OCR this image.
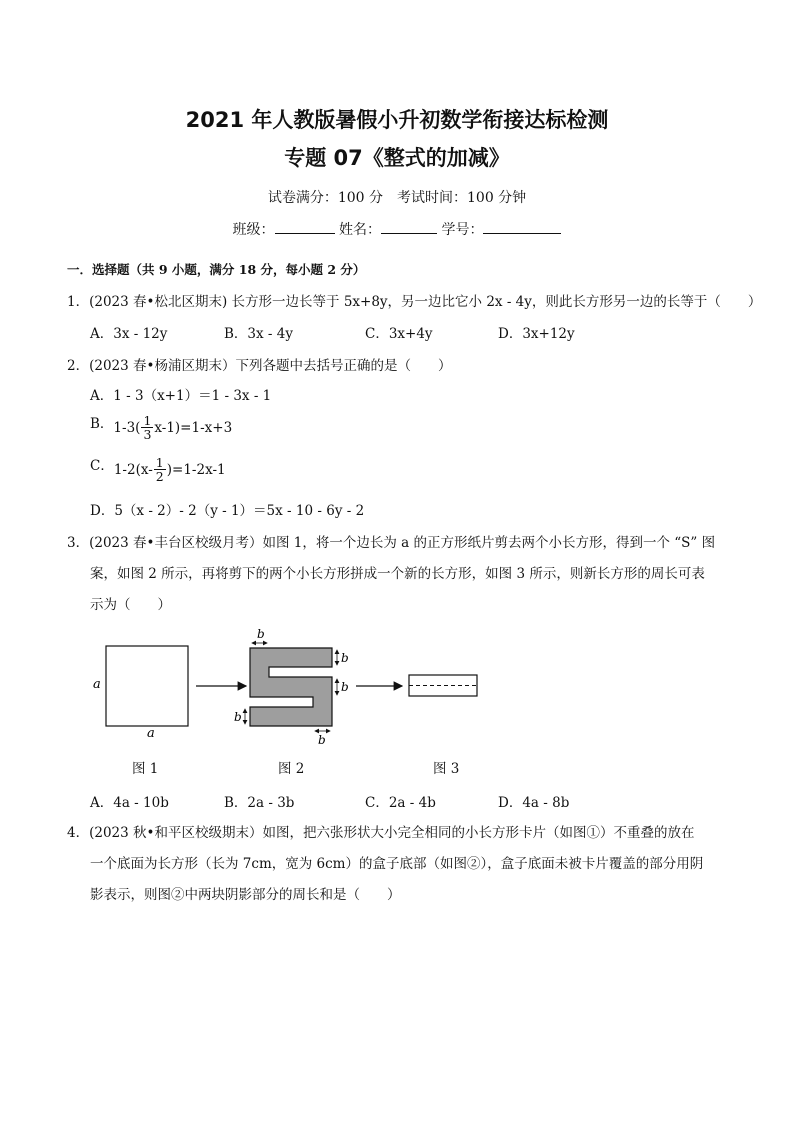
2021 年人教版暑假小升初数学衔接达标检测
专题 07《整式的加减》
试卷满分：100 分　考试时间：100 分钟
班级：	姓名：	学号：
一．选择题（共 9 小题，满分 18 分，每小题 2 分）
1．(2023 春•松北区期末) 长方形一边长等于 5x+8y，另一边比它小 2x - 4y，则此长方形另一边的长等于（　　）
A．3x - 12y	B．3x - 4y	C．3x+4y	D．3x+12y
2．(2023 春•杨浦区期末）下列各题中去括号正确的是（　　）
A．1 - 3（x+1）＝1 - 3x - 1
B． $1-3( \frac{1}{3} x-1)=1-x+3$
C． $1-2(x- \frac{1}{2} )=1-2x-1$
D．5（x - 2）- 2（y - 1）＝5x - 10 - 6y - 2
3．(2023 春•丰台区校级月考）如图 1，将一个边长为 a 的正方形纸片剪去两个小长方形，得到一个 “S” 图
案，如图 2 所示，再将剪下的两个小长方形拼成一个新的长方形，如图 3 所示，则新长方形的周长可表
示为（　　）
a
a
b
b
b
b
b
图 1	图 2	图 3
A．4a - 10b	B．2a - 3b	C．2a - 4b	D．4a - 8b
4．(2023 秋•和平区校级期末）如图，把六张形状大小完全相同的小长方形卡片（如图①）不重叠的放在
一个底面为长方形（长为 7cm，宽为 6cm）的盒子底部（如图②），盒子底面未被卡片覆盖的部分用阴
影表示，则图②中两块阴影部分的周长和是（　　）
